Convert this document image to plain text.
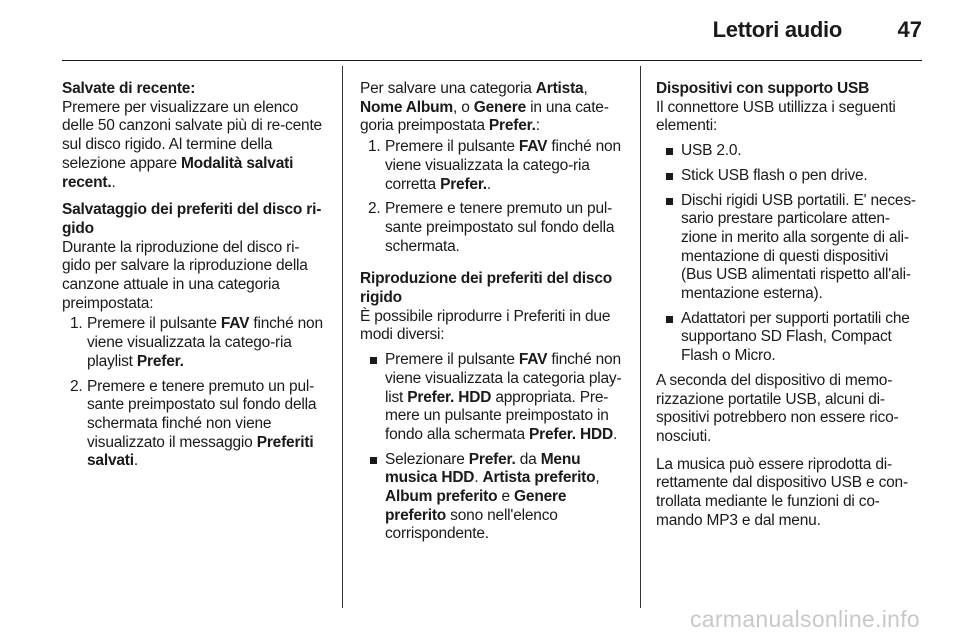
Lettori audio	47
Salvate di recente:
Premere per visualizzare un elenco delle 50 canzoni salvate più di re-cente sul disco rigido. Al termine della selezione appare Modalità salvati recent..
Salvataggio dei preferiti del disco ri-gido
Durante la riproduzione del disco ri-gido per salvare la riproduzione della canzone attuale in una categoria preimpostata:
1. Premere il pulsante FAV finché non viene visualizzata la catego-ria playlist Prefer.
2. Premere e tenere premuto un pul-sante preimpostato sul fondo della schermata finché non viene visualizzato il messaggio Preferiti salvati.
Per salvare una categoria Artista, Nome Album, o Genere in una cate-goria preimpostata Prefer.:
1. Premere il pulsante FAV finché non viene visualizzata la catego-ria corretta Prefer..
2. Premere e tenere premuto un pul-sante preimpostato sul fondo della schermata.
Riproduzione dei preferiti del disco rigido
È possibile riprodurre i Preferiti in due modi diversi:
Premere il pulsante FAV finché non viene visualizzata la categoria play-list Prefer. HDD appropriata. Pre-mere un pulsante preimpostato in fondo alla schermata Prefer. HDD.
Selezionare Prefer. da Menu musica HDD. Artista preferito, Album preferito e Genere preferito sono nell'elenco corrispondente.
Dispositivi con supporto USB
Il connettore USB utillizza i seguenti elementi:
USB 2.0.
Stick USB flash o pen drive.
Dischi rigidi USB portatili. E' neces-sario prestare particolare atten-zione in merito alla sorgente di ali-mentazione di questi dispositivi (Bus USB alimentati rispetto all'ali-mentazione esterna).
Adattatori per supporti portatili che supportano SD Flash, Compact Flash o Micro.
A seconda del dispositivo di memo-rizzazione portatile USB, alcuni di-spositivi potrebbero non essere rico-nosciuti.
La musica può essere riprodotta di-rettamente dal dispositivo USB e con-trollata mediante le funzioni di co-mando MP3 e dal menu.
carmanualsonline.info
